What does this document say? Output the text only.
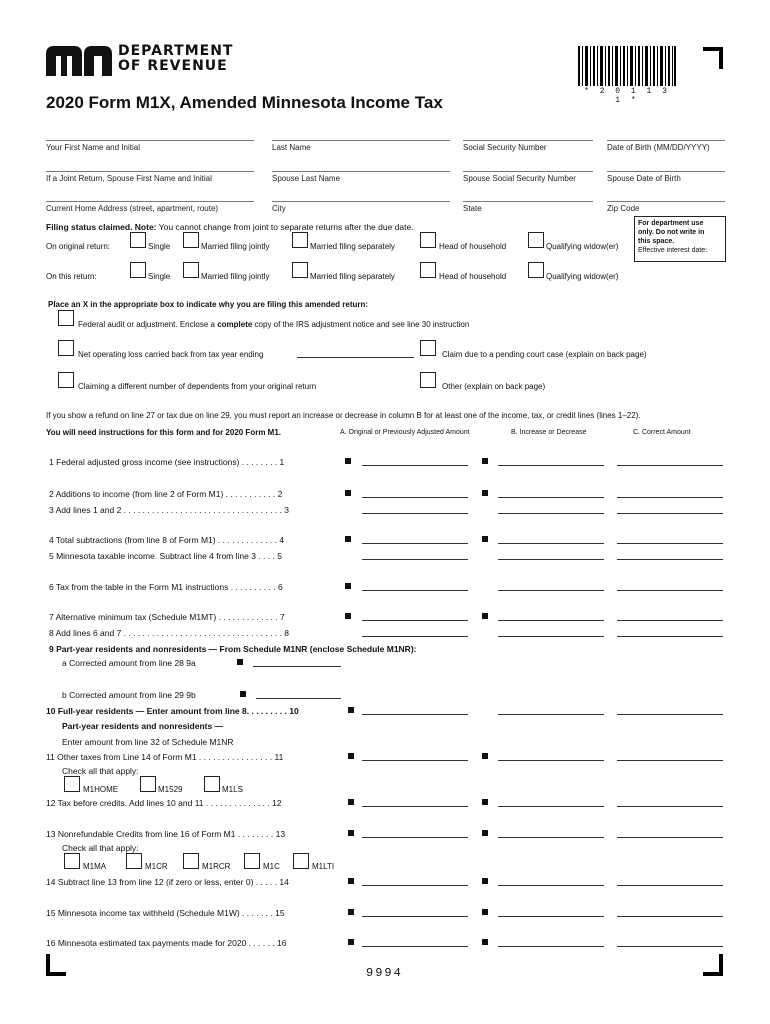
DEPARTMENT
OF REVENUE
* 2 0 1 1 3 1 *
2020 Form M1X, Amended Minnesota Income Tax
Your First Name and Initial	Last Name	Social Security Number	Date of Birth (MM/DD/YYYY)
If a Joint Return, Spouse First Name and Initial	Spouse Last Name	Spouse Social Security Number	Spouse Date of Birth
Current Home Address (street, apartment, route)	City	State	Zip Code
Filing status claimed. Note: You cannot change from joint to separate returns after the due date.
On original return:	Single	Married filing jointly	Married filing separately	Head of household	Qualifying widow(er)
On this return:	Single	Married filing jointly	Married filing separately	Head of household	Qualifying widow(er)
For department use
only. Do not write in
this space.
Effective interest date:
Place an X in the appropriate box to indicate why you are filing this amended return:
Federal audit or adjustment. Enclose a complete copy of the IRS adjustment notice and see line 30 instruction
Net operating loss carried back from tax year ending	Claim due to a pending court case (explain on back page)
Claiming a different number of dependents from your original return	Other (explain on back page)
If you show a refund on line 27 or tax due on line 29, you must report an increase or decrease in column B for at least one of the income, tax, or credit lines (lines 1–22).
You will need instructions for this form and for 2020 Form M1.	A. Original or Previously Adjusted Amount	B. Increase or Decrease	C. Correct Amount
1 Federal adjusted gross income (see instructions) . . . . . . . . 1
2 Additions to income (from line 2 of Form M1) . . . . . . . . . . . 2
3 Add lines 1 and 2 . . . . . . . . . . . . . . . . . . . . . . . . . . . . . . . . . . 3
4 Total subtractions (from line 8 of Form M1) . . . . . . . . . . . . . 4
5 Minnesota taxable income. Subtract line 4 from line 3 . . . . 5
6 Tax from the table in the Form M1 instructions . . . . . . . . . . 6
7 Alternative minimum tax (Schedule M1MT) . . . . . . . . . . . . . 7
8 Add lines 6 and 7 . . . . . . . . . . . . . . . . . . . . . . . . . . . . . . . . . . 8
9 Part-year residents and nonresidents — From Schedule M1NR (enclose Schedule M1NR):
a Corrected amount from line 28 9a
b Corrected amount from line 29 9b
10 Full-year residents — Enter amount from line 8. . . . . . . . . 10
Part-year residents and nonresidents —
Enter amount from line 32 of Schedule M1NR
11 Other taxes from Line 14 of Form M1 . . . . . . . . . . . . . . . . 11
Check all that apply:
M1HOME	M1529	M1LS
12 Tax before credits. Add lines 10 and 11 . . . . . . . . . . . . . . 12
13 Nonrefundable Credits from line 16 of Form M1 . . . . . . . . 13
Check all that apply:
M1MA	M1CR	M1RCR	M1C	M1LTI
14 Subtract line 13 from line 12 (if zero or less, enter 0) . . . . . 14
15 Minnesota income tax withheld (Schedule M1W) . . . . . . . 15
16 Minnesota estimated tax payments made for 2020 . . . . . . 16
9994
